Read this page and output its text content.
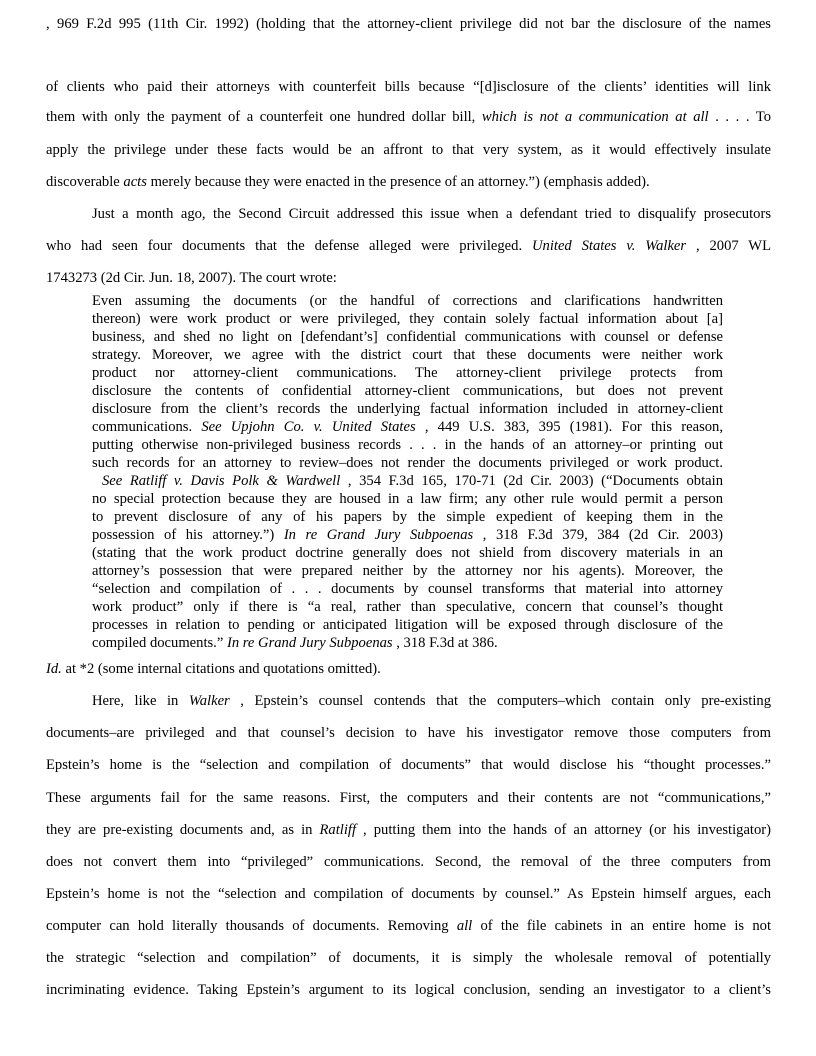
, 969 F.2d 995 (11th Cir. 1992) (holding that the attorney-client privilege did not bar the disclosure of the names
of clients who paid their attorneys with counterfeit bills because “[d]isclosure of the clients’ identities will link
them with only the payment of a counterfeit one hundred dollar bill, which is not a communication at all . . . . To
apply the privilege under these facts would be an affront to that very system, as it would effectively insulate
discoverable acts merely because they were enacted in the presence of an attorney.”) (emphasis added).
Just a month ago, the Second Circuit addressed this issue when a defendant tried to disqualify prosecutors
who had seen four documents that the defense alleged were privileged. United States v. Walker , 2007 WL
1743273 (2d Cir. Jun. 18, 2007). The court wrote:
Even assuming the documents (or the handful of corrections and clarifications handwritten
thereon) were work product or were privileged, they contain solely factual information about [a]
business, and shed no light on [defendant’s] confidential communications with counsel or defense
strategy. Moreover, we agree with the district court that these documents were neither work
product nor attorney-client communications. The attorney-client privilege protects from
disclosure the contents of confidential attorney-client communications, but does not prevent
disclosure from the client’s records the underlying factual information included in attorney-client
communications. See Upjohn Co. v. United States , 449 U.S. 383, 395 (1981). For this reason,
putting otherwise non-privileged business records . . . in the hands of an attorney–or printing out
such records for an attorney to review–does not render the documents privileged or work product.
See Ratliff v. Davis Polk & Wardwell , 354 F.3d 165, 170-71 (2d Cir. 2003) (“Documents obtain
no special protection because they are housed in a law firm; any other rule would permit a person
to prevent disclosure of any of his papers by the simple expedient of keeping them in the
possession of his attorney.”) In re Grand Jury Subpoenas , 318 F.3d 379, 384 (2d Cir. 2003)
(stating that the work product doctrine generally does not shield from discovery materials in an
attorney’s possession that were prepared neither by the attorney nor his agents). Moreover, the
“selection and compilation of . . . documents by counsel transforms that material into attorney
work product” only if there is “a real, rather than speculative, concern that counsel’s thought
processes in relation to pending or anticipated litigation will be exposed through disclosure of the
compiled documents.” In re Grand Jury Subpoenas , 318 F.3d at 386.
Id. at *2 (some internal citations and quotations omitted).
Here, like in Walker , Epstein’s counsel contends that the computers–which contain only pre-existing
documents–are privileged and that counsel’s decision to have his investigator remove those computers from
Epstein’s home is the “selection and compilation of documents” that would disclose his “thought processes.”
These arguments fail for the same reasons. First, the computers and their contents are not “communications,”
they are pre-existing documents and, as in Ratliff , putting them into the hands of an attorney (or his investigator)
does not convert them into “privileged” communications. Second, the removal of the three computers from
Epstein’s home is not the “selection and compilation of documents by counsel.” As Epstein himself argues, each
computer can hold literally thousands of documents. Removing all of the file cabinets in an entire home is not
the strategic “selection and compilation” of documents, it is simply the wholesale removal of potentially
incriminating evidence. Taking Epstein’s argument to its logical conclusion, sending an investigator to a client’s
